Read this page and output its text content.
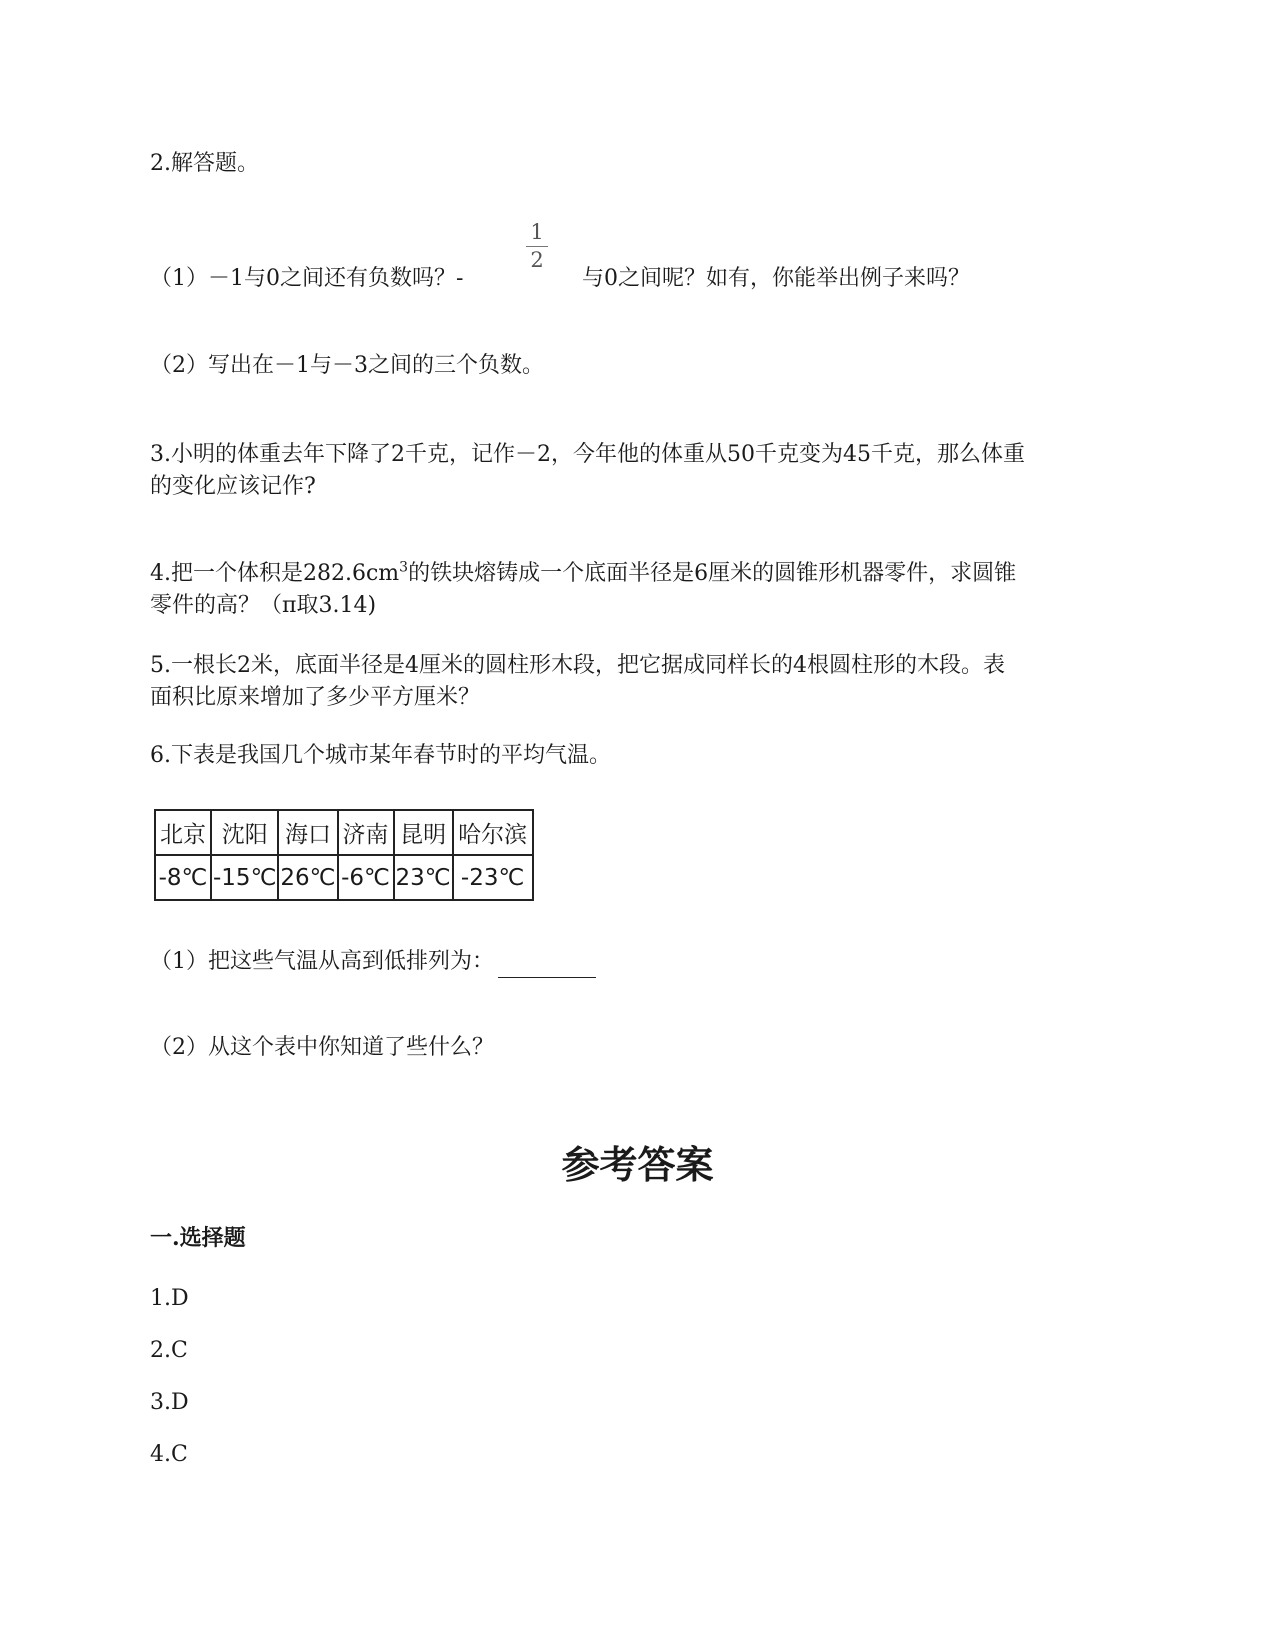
2.解答题。
（1）－1与0之间还有负数吗？-
1
2
与0之间呢？如有，你能举出例子来吗？
（2）写出在－1与－3之间的三个负数。
3.小明的体重去年下降了2千克，记作－2，今年他的体重从50千克变为45千克，那么体重
的变化应该记作?
4.把一个体积是$282.6cm^3$的铁块熔铸成一个底面半径是6厘米的圆锥形机器零件，求圆锥
零件的高？（π取3.14)
5.一根长2米，底面半径是4厘米的圆柱形木段，把它据成同样长的4根圆柱形的木段。表
面积比原来增加了多少平方厘米？
6.下表是我国几个城市某年春节时的平均气温。
北京	沈阳	海口	济南	昆明	哈尔滨
-8℃	-15℃	26℃	-6℃	23℃	-23℃
（1）把这些气温从高到低排列为：
（2）从这个表中你知道了些什么？
参考答案
一.选择题
1.D
2.C
3.D
4.C
